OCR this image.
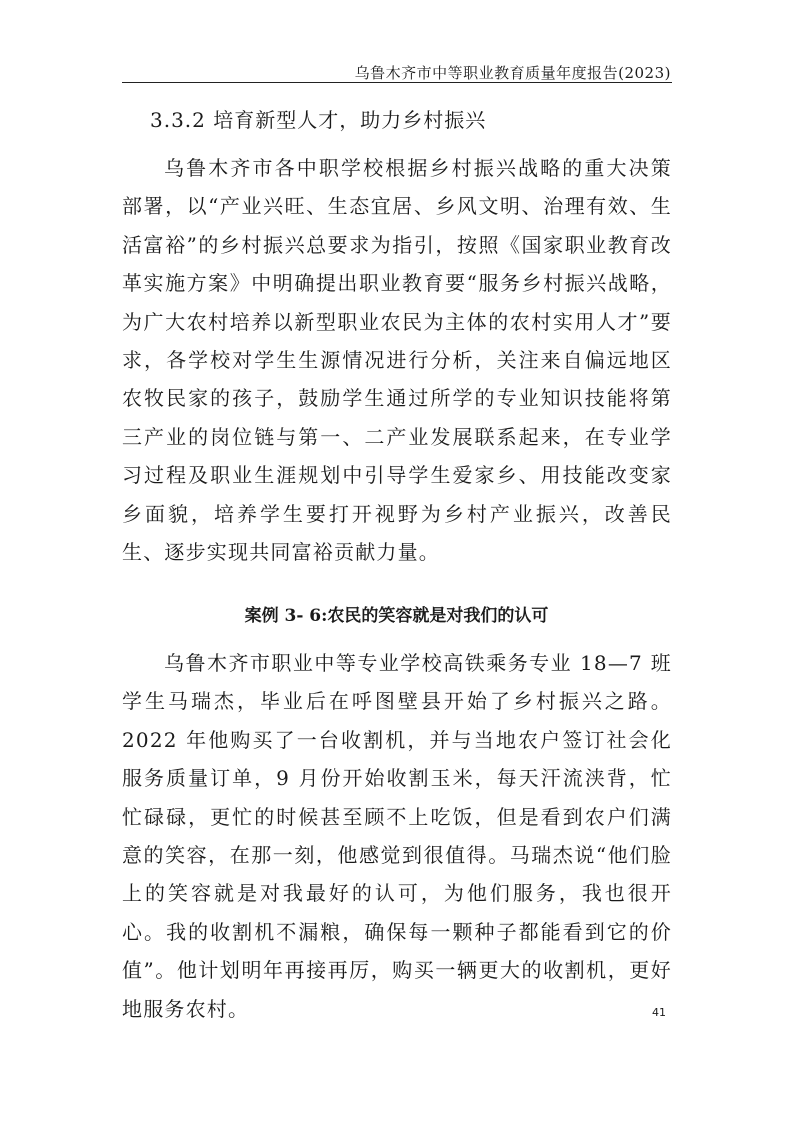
乌鲁木齐市中等职业教育质量年度报告(2023)
3.3.2 培育新型人才，助力乡村振兴

乌鲁木齐市各中职学校根据乡村振兴战略的重大决策部署，以“产业兴旺、生态宜居、乡风文明、治理有效、生活富裕”的乡村振兴总要求为指引，按照《国家职业教育改革实施方案》中明确提出职业教育要“服务乡村振兴战略，为广大农村培养以新型职业农民为主体的农村实用人才”要求，各学校对学生生源情况进行分析，关注来自偏远地区农牧民家的孩子，鼓励学生通过所学的专业知识技能将第三产业的岗位链与第一、二产业发展联系起来，在专业学习过程及职业生涯规划中引导学生爱家乡、用技能改变家乡面貌，培养学生要打开视野为乡村产业振兴，改善民生、逐步实现共同富裕贡献力量。

案例 3- 6:农民的笑容就是对我们的认可

乌鲁木齐市职业中等专业学校高铁乘务专业 18—7 班学生马瑞杰，毕业后在呼图壁县开始了乡村振兴之路。2022 年他购买了一台收割机，并与当地农户签订社会化服务质量订单，9 月份开始收割玉米，每天汗流浃背，忙忙碌碌，更忙的时候甚至顾不上吃饭，但是看到农户们满意的笑容，在那一刻，他感觉到很值得。马瑞杰说“他们脸上的笑容就是对我最好的认可，为他们服务，我也很开心。我的收割机不漏粮，确保每一颗种子都能看到它的价值”。他计划明年再接再厉，购买一辆更大的收割机，更好地服务农村。	41
